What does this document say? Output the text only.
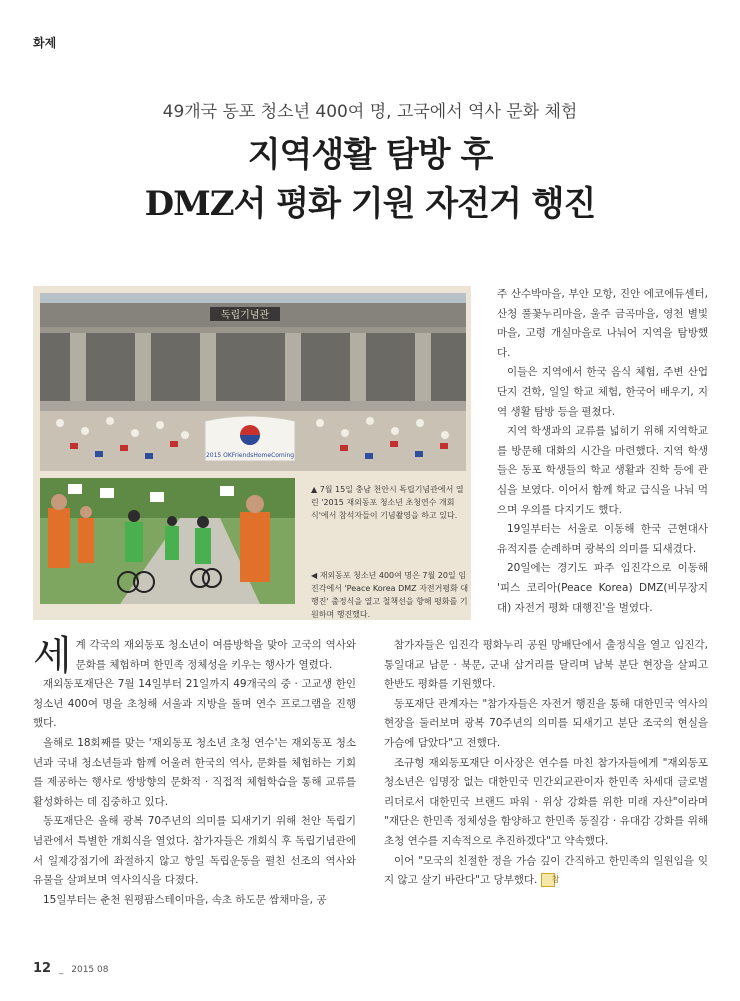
화제
49개국 동포 청소년 400여 명, 고국에서 역사 문화 체험
지역생활 탐방 후
DMZ서 평화 기원 자전거 행진
독립기념관
2015 OKFriendsHomeComing
▲ 7월 15일 충남 천안시 독립기념관에서 열린 '2015 재외동포 청소년 초청연수 개회식'에서 참석자들이 기념촬영을 하고 있다.
◀ 재외동포 청소년 400여 명은 7월 20일 임진각에서 'Peace Korea DMZ 자전거평화 대행진' 출정식을 열고 철책선을 향해 평화를 기원하며 행진했다.

주 산수박마을, 부안 모항, 진안 에코에듀센터, 산청 풀꽃누리마을, 울주 금곡마을, 영천 별빛마을, 고령 개실마을로 나눠어 지역을 탐방했다.

이들은 지역에서 한국 음식 체험, 주변 산업단지 견학, 일일 학교 체험, 한국어 배우기, 지역 생활 탐방 등을 펼쳤다.

지역 학생과의 교류를 넓히기 위해 지역학교를 방문해 대화의 시간을 마련했다. 지역 학생들은 동포 학생들의 학교 생활과 진학 등에 관심을 보였다. 이어서 함께 학교 급식을 나눠 먹으며 우의를 다지기도 했다.

19일부터는 서울로 이동해 한국 근현대사 유적지를 순례하며 광복의 의미를 되새겼다.

20일에는 경기도 파주 임진각으로 이동해 '피스 코리아(Peace Korea) DMZ(비무장지대) 자전거 평화 대행진'을 벌였다.

세계 각국의 재외동포 청소년이 여름방학을 맞아 고국의 역사와 문화를 체험하며 한민족 정체성을 키우는 행사가 열렸다.

재외동포재단은 7월 14일부터 21일까지 49개국의 중 · 고교생 한인 청소년 400여 명을 초청해 서울과 지방을 돌며 연수 프로그램을 진행했다.

올해로 18회째를 맞는 '재외동포 청소년 초청 연수'는 재외동포 청소년과 국내 청소년들과 함께 어울려 한국의 역사, 문화를 체험하는 기회를 제공하는 행사로 쌍방향의 문화적 · 직접적 체험학습을 통해 교류를 활성화하는 데 집중하고 있다.

동포재단은 올해 광복 70주년의 의미를 되새기기 위해 천안 독립기념관에서 특별한 개회식을 열었다. 참가자들은 개회식 후 독립기념관에서 일제강점기에 좌절하지 않고 항일 독립운동을 펼친 선조의 역사와 유물을 살펴보며 역사의식을 다졌다.

15일부터는 춘천 원평팜스테이마을, 속초 하도문 쌈채마을, 공

참가자들은 임진각 평화누리 공원 망배단에서 출정식을 열고 임진각, 통일대교 남문 · 북문, 군내 삼거리를 달리며 남북 분단 현장을 살피고 한반도 평화를 기원했다.

동포재단 관계자는 "참가자들은 자전거 행진을 통해 대한민국 역사의 현장을 둘러보며 광복 70주년의 의미를 되새기고 분단 조국의 현실을 가슴에 담았다"고 전했다.

조규형 재외동포재단 이사장은 연수를 마친 참가자들에게 "재외동포 청소년은 임명장 없는 대한민국 민간외교관이자 한민족 차세대 글로벌 리더로서 대한민국 브랜드 파워 · 위상 강화를 위한 미래 자산"이라며 "재단은 한민족 정체성을 함양하고 한민족 동질감 · 유대감 강화를 위해 초청 연수를 지속적으로 추진하겠다"고 약속했다.

이어 "모국의 친절한 정을 가슴 깊이 간직하고 한민족의 일원임을 잊지 않고 살기 바란다"고 당부했다. 참

12 _ 2015 08
